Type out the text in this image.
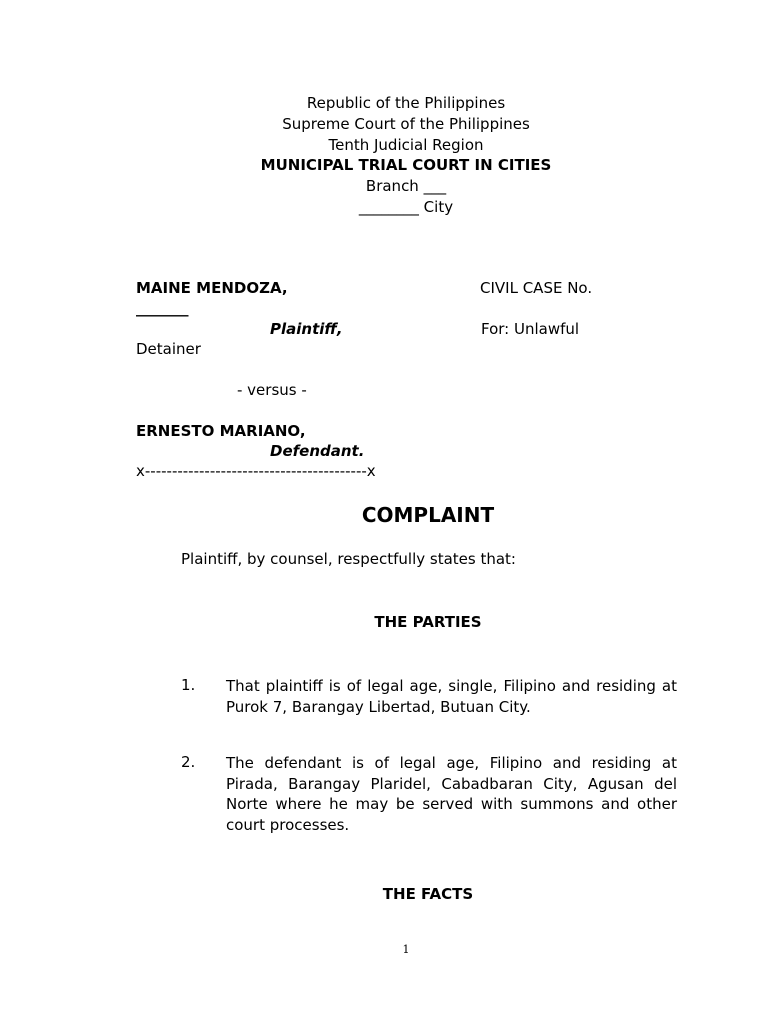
Republic of the Philippines
Supreme Court of the Philippines
Tenth Judicial Region
MUNICIPAL TRIAL COURT IN CITIES
Branch ___
________ City
MAINE MENDOZA,	CIVIL CASE No.
_______
Plaintiff,	For: Unlawful
Detainer
- versus -
ERNESTO MARIANO,
Defendant.
x-----------------------------------------x
COMPLAINT
Plaintiff, by counsel, respectfully states that:
THE PARTIES
1. That plaintiff is of legal age, single, Filipino and residing at Purok 7, Barangay Libertad, Butuan City.
2. The defendant is of legal age, Filipino and residing at Pirada, Barangay Plaridel, Cabadbaran City, Agusan del Norte where he may be served with summons and other court processes.
THE FACTS
1
